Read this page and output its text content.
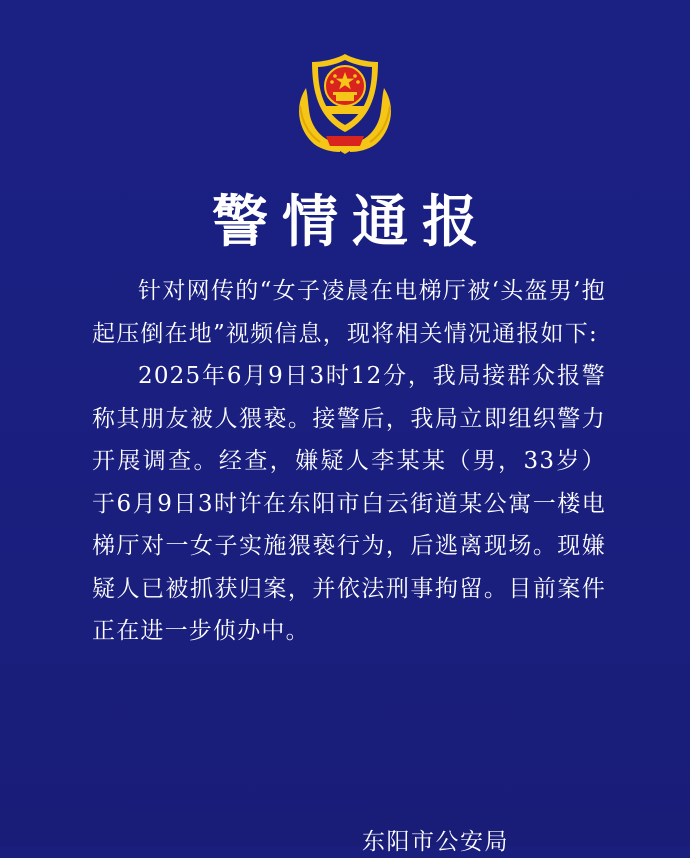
警情通报

针对网传的“女子凌晨在电梯厅被‘头盔男’抱起压倒在地”视频信息，现将相关情况通报如下:

2025年6月9日3时12分，我局接群众报警称其朋友被人猥亵。接警后，我局立即组织警力开展调查。经查，嫌疑人李某某（男，33岁）于6月9日3时许在东阳市白云街道某公寓一楼电梯厅对一女子实施猥亵行为，后逃离现场。现嫌疑人已被抓获归案，并依法刑事拘留。目前案件正在进一步侦办中。

东阳市公安局
